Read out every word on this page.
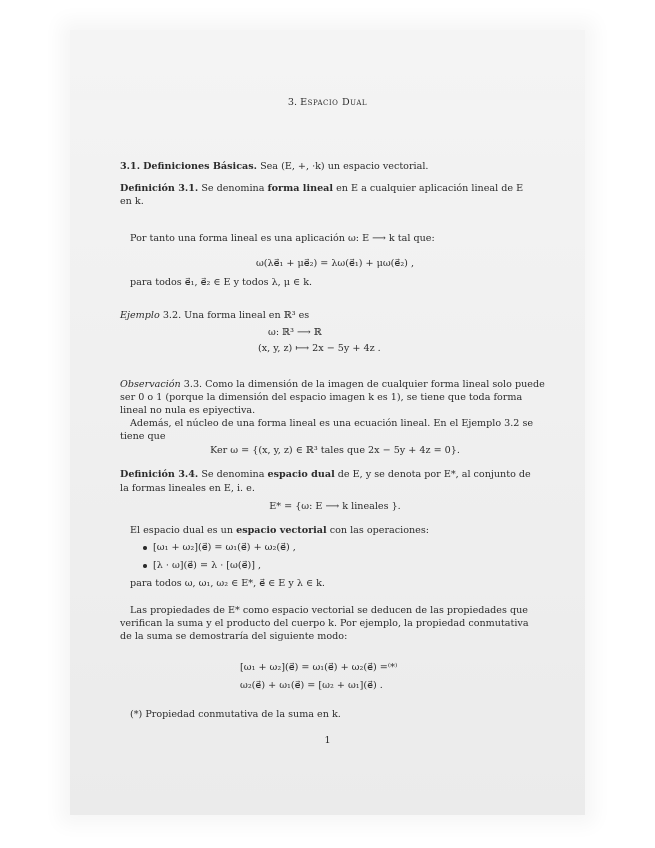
3. Espacio Dual
3.1. Definiciones Básicas. Sea (E, +, ·k) un espacio vectorial.
Definición 3.1. Se denomina forma lineal en E a cualquier aplicación lineal de E
en k.
Por tanto una forma lineal es una aplicación ω: E ⟶ k tal que:
ω(λe⃗₁ + μe⃗₂) = λω(e⃗₁) + μω(e⃗₂) ,
para todos e⃗₁, e⃗₂ ∈ E y todos λ, μ ∈ k.
Ejemplo 3.2. Una forma lineal en ℝ³ es
ω: ℝ³ ⟶ ℝ
(x, y, z) ⟼ 2x − 5y + 4z .
Observación 3.3. Como la dimensión de la imagen de cualquier forma lineal solo puede
ser 0 o 1 (porque la dimensión del espacio imagen k es 1), se tiene que toda forma
lineal no nula es epiyectiva.
Además, el núcleo de una forma lineal es una ecuación lineal. En el Ejemplo 3.2 se
tiene que
Ker ω = {(x, y, z) ∈ ℝ³ tales que 2x − 5y + 4z = 0}.
Definición 3.4. Se denomina espacio dual de E, y se denota por E*, al conjunto de
la formas lineales en E, i. e.
E* = {ω: E ⟶ k lineales }.
El espacio dual es un espacio vectorial con las operaciones:
[ω₁ + ω₂](e⃗) = ω₁(e⃗) + ω₂(e⃗) ,
[λ · ω](e⃗) = λ · [ω(e⃗)] ,
para todos ω, ω₁, ω₂ ∈ E*, e⃗ ∈ E y λ ∈ k.
Las propiedades de E* como espacio vectorial se deducen de las propiedades que
verifican la suma y el producto del cuerpo k. Por ejemplo, la propiedad conmutativa
de la suma se demostraría del siguiente modo:
[ω₁ + ω₂](e⃗) = ω₁(e⃗) + ω₂(e⃗) =⁽*⁾
ω₂(e⃗) + ω₁(e⃗) = [ω₂ + ω₁](e⃗) .
(*) Propiedad conmutativa de la suma en k.
1
